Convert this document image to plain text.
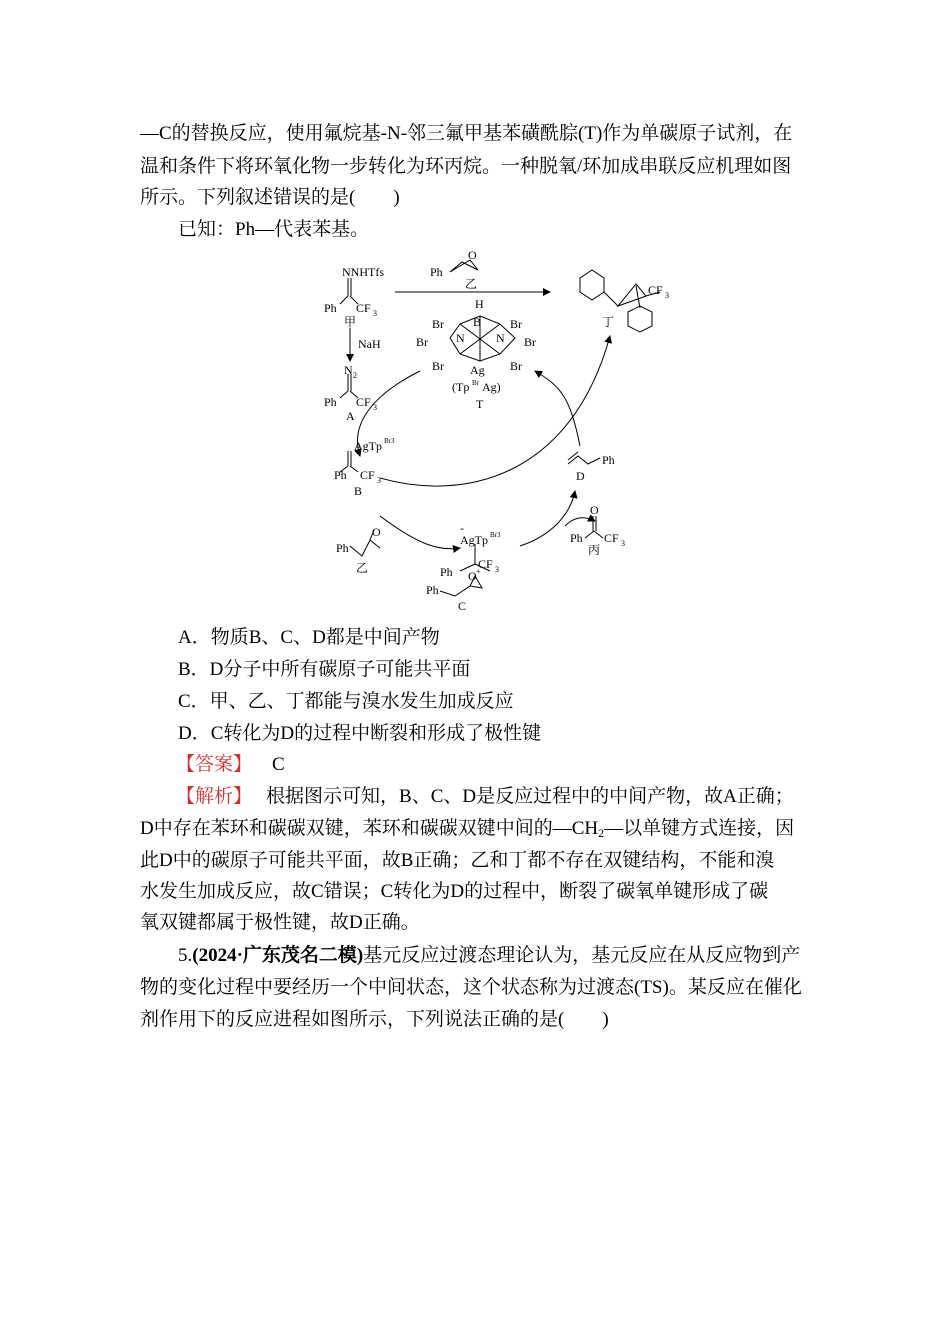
—C的替换反应，使用氟烷基-N-邻三氟甲基苯磺酰腙(T)作为单碳原子试剂，在
温和条件下将环氧化物一步转化为环丙烷。一种脱氧/环加成串联反应机理如图
所示。下列叙述错误的是(　　)
已知：Ph—代表苯基。
NNHTfs
Ph CF 3
甲
NaH
Ph
O
乙
N 2
Ph CF 3
A
H
B
Br	Br
Br	Br
Br	Br
N	N
Ag
(Tp Br Ag)
T
CF 3
丁
AgTp Br3
Ph CF 3
B
Ph
O
乙
-
AgTp Br3
Ph
CF 3
O +
Ph
C
Ph
D
O
Ph CF 3
丙
A．物质B、C、D都是中间产物
B．D分子中所有碳原子可能共平面
C．甲、乙、丁都能与溴水发生加成反应
D．C转化为D的过程中断裂和形成了极性键
【答案】 C
【解析】 根据图示可知，B、C、D是反应过程中的中间产物，故A正确；
D中存在苯环和碳碳双键，苯环和碳碳双键中间的$—CH_2—$以单键方式连接，因
此D中的碳原子可能共平面，故B正确；乙和丁都不存在双键结构，不能和溴
水发生加成反应，故C错误；C转化为D的过程中，断裂了碳氧单键形成了碳
氧双键都属于极性键，故D正确。
5.(2024·广东茂名二模)基元反应过渡态理论认为，基元反应在从反应物到产
物的变化过程中要经历一个中间状态，这个状态称为过渡态(TS)。某反应在催化
剂作用下的反应进程如图所示，下列说法正确的是(　　)
